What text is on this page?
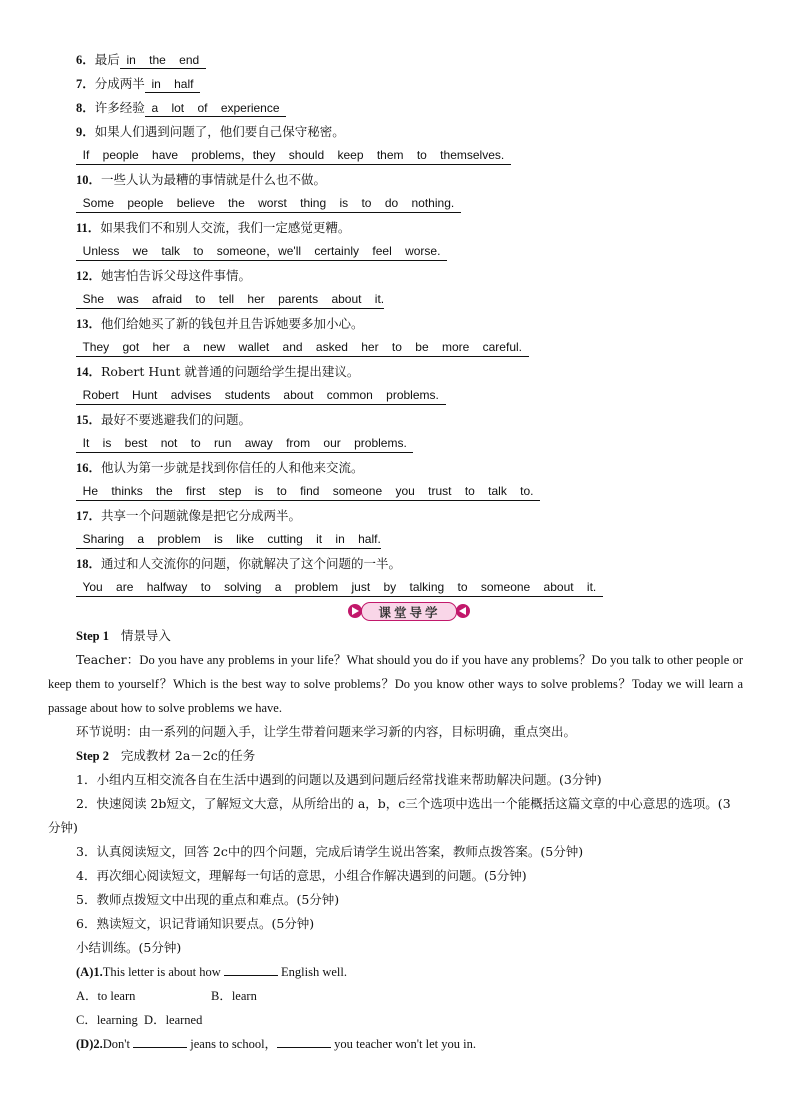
6．最后  in    the    end
7．分成两半  in    half
8．许多经验  a    lot    of    experience
9．如果人们遇到问题了，他们要自己保守秘密。
If    people    have    problems，they    should    keep    them    to    themselves.
10．一些人认为最糟的事情就是什么也不做。
Some    people    believe    the    worst    thing    is    to    do    nothing.
11．如果我们不和别人交流，我们一定感觉更糟。
Unless    we    talk    to    someone，we'll    certainly    feel    worse.
12．她害怕告诉父母这件事情。
She    was    afraid    to    tell    her    parents    about    it.
13．他们给她买了新的钱包并且告诉她要多加小心。
They    got    her    a    new    wallet    and    asked    her    to    be    more    careful.
14．Robert Hunt 就普通的问题给学生提出建议。
Robert    Hunt    advises    students    about    common    problems.
15．最好不要逃避我们的问题。
It    is    best    not    to    run    away    from    our    problems.
16．他认为第一步就是找到你信任的人和他来交流。
He    thinks    the    first    step    is    to    find    someone    you    trust    to    talk    to.
17．共享一个问题就像是把它分成两半。
Sharing    a    problem    is    like    cutting    it    in    half.
18．通过和人交流你的问题，你就解决了这个问题的一半。
You    are    halfway    to    solving    a    problem    just    by    talking    to    someone    about    it.
课堂导学
Step 1 情景导入
Teacher：Do you have any problems in your life？What should you do if you have any problems？Do you talk to other people or keep them to yourself？Which is the best way to solve problems？Do you know other ways to solve problems？Today we will learn a passage about how to solve problems we have.
环节说明：由一系列的问题入手，让学生带着问题来学习新的内容，目标明确，重点突出。
Step 2 完成教材 2a－2c的任务
1．小组内互相交流各自在生活中遇到的问题以及遇到问题后经常找谁来帮助解决问题。(3分钟)
2．快速阅读 2b短文，了解短文大意，从所给出的 a，b，c三个选项中选出一个能概括这篇文章的中心意思的选项。(3分钟)
3．认真阅读短文，回答 2c中的四个问题，完成后请学生说出答案，教师点拨答案。(5分钟)
4．再次细心阅读短文，理解每一句话的意思，小组合作解决遇到的问题。(5分钟)
5．教师点拨短文中出现的重点和难点。(5分钟)
6．熟读短文，识记背诵知识要点。(5分钟)
小结训练。(5分钟)
(A)1.This letter is about how	English well.
A．to learn	B．learn
C．learning D．learned
(D)2.Don't	jeans to school，	you teacher won't let you in.
